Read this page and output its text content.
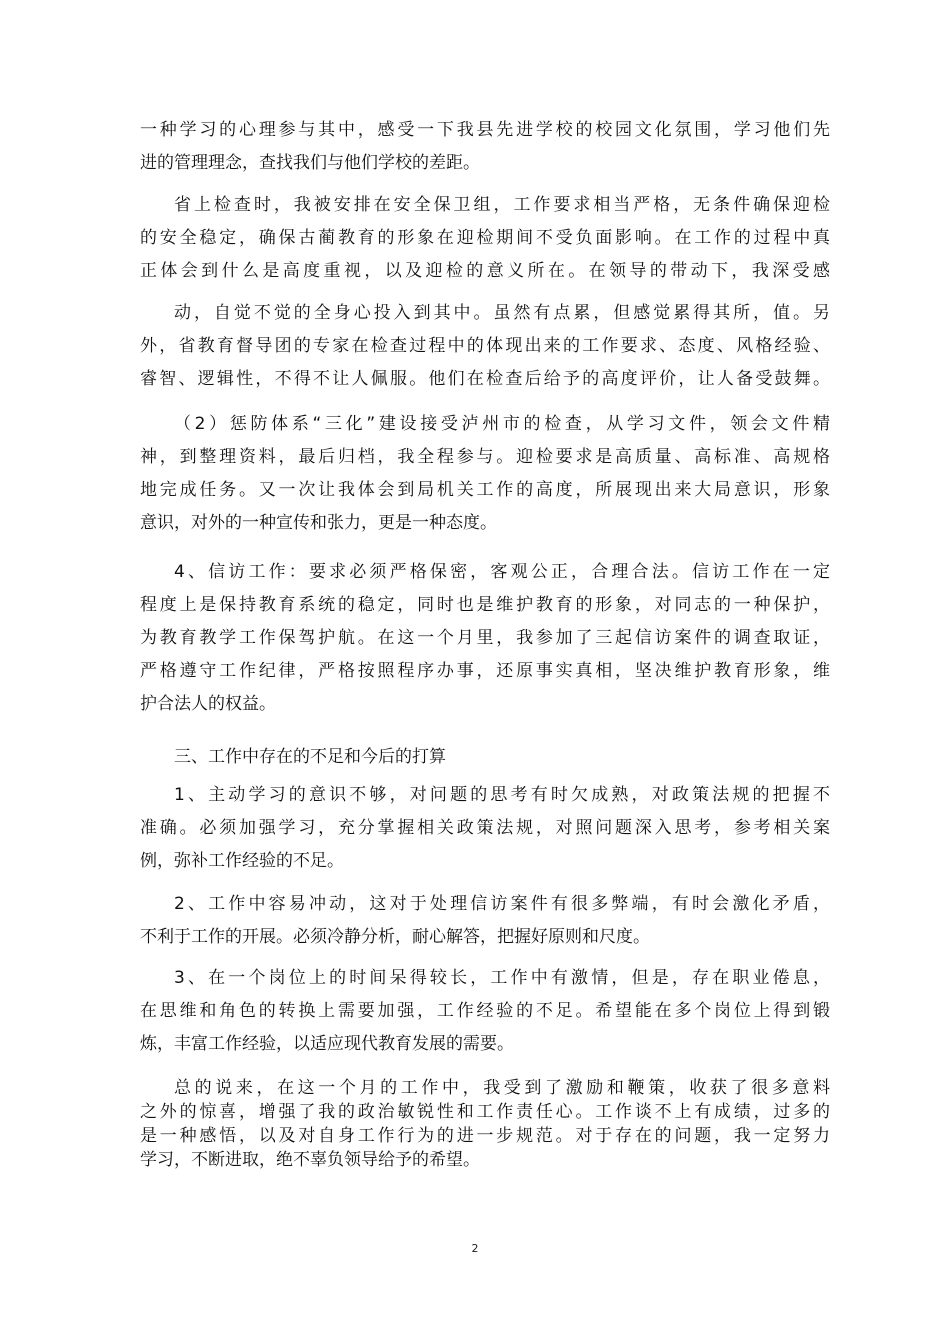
一种学习的心理参与其中，感受一下我县先进学校的校园文化氛围，学习他们先
进的管理理念，查找我们与他们学校的差距。

省上检查时，我被安排在安全保卫组，工作要求相当严格，无条件确保迎检
的安全稳定，确保古蔺教育的形象在迎检期间不受负面影响。在工作的过程中真
正体会到什么是高度重视，以及迎检的意义所在。在领导的带动下，我深受感

动，自觉不觉的全身心投入到其中。虽然有点累，但感觉累得其所，值。另
外，省教育督导团的专家在检查过程中的体现出来的工作要求、态度、风格经验、
睿智、逻辑性，不得不让人佩服。他们在检查后给予的高度评价，让人备受鼓舞。

（2）惩防体系“三化”建设接受泸州市的检查，从学习文件，领会文件精
神，到整理资料，最后归档，我全程参与。迎检要求是高质量、高标准、高规格
地完成任务。又一次让我体会到局机关工作的高度，所展现出来大局意识，形象
意识，对外的一种宣传和张力，更是一种态度。

4、信访工作：要求必须严格保密，客观公正，合理合法。信访工作在一定
程度上是保持教育系统的稳定，同时也是维护教育的形象，对同志的一种保护，
为教育教学工作保驾护航。在这一个月里，我参加了三起信访案件的调查取证，
严格遵守工作纪律，严格按照程序办事，还原事实真相，坚决维护教育形象，维
护合法人的权益。

三、工作中存在的不足和今后的打算

1、主动学习的意识不够，对问题的思考有时欠成熟，对政策法规的把握不
准确。必须加强学习，充分掌握相关政策法规，对照问题深入思考，参考相关案
例，弥补工作经验的不足。

2、工作中容易冲动，这对于处理信访案件有很多弊端，有时会激化矛盾，
不利于工作的开展。必须冷静分析，耐心解答，把握好原则和尺度。

3、在一个岗位上的时间呆得较长，工作中有激情，但是，存在职业倦息，
在思维和角色的转换上需要加强，工作经验的不足。希望能在多个岗位上得到锻
炼，丰富工作经验，以适应现代教育发展的需要。

总的说来，在这一个月的工作中，我受到了激励和鞭策，收获了很多意料
之外的惊喜，增强了我的政治敏锐性和工作责任心。工作谈不上有成绩，过多的
是一种感悟，以及对自身工作行为的进一步规范。对于存在的问题，我一定努力
学习，不断进取，绝不辜负领导给予的希望。

2
